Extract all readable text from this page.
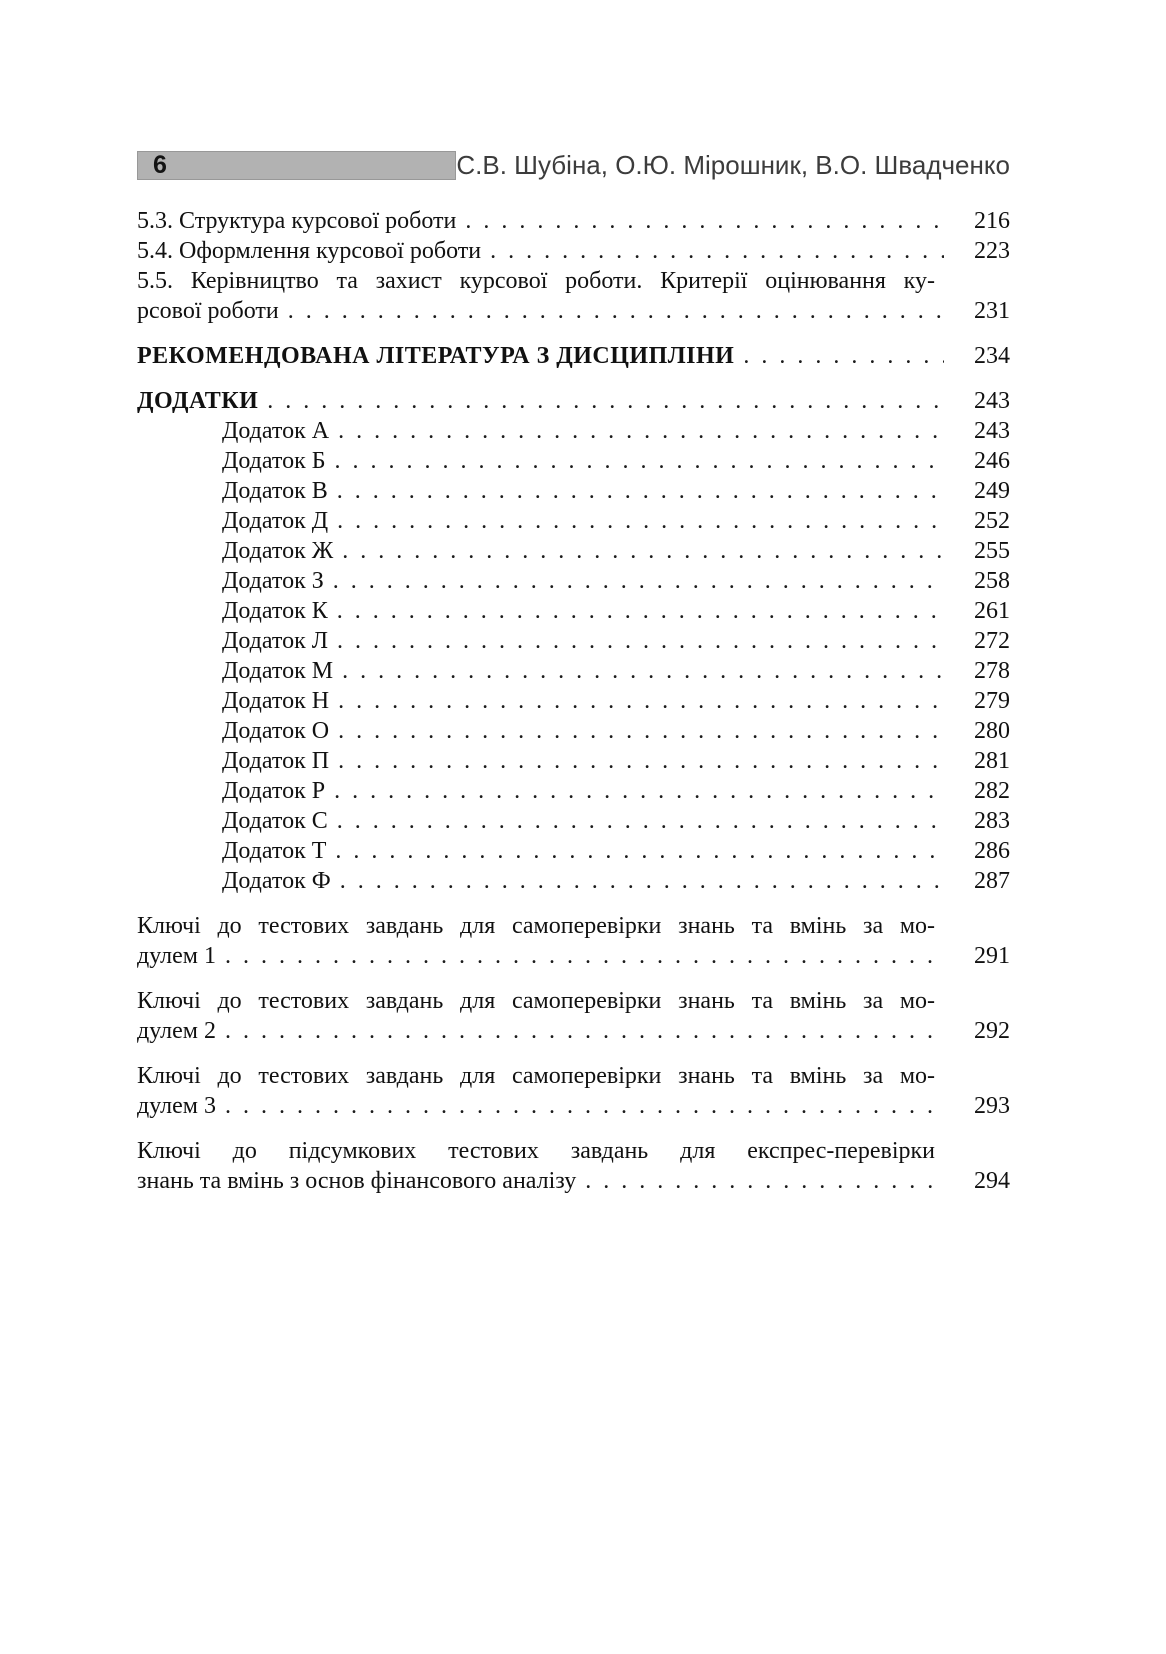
6	С.В. Шубіна, О.Ю. Мірошник, В.О. Швадченко
5.3. Структура курсової роботи . . .	216
5.4. Оформлення курсової роботи . . .	223
5.5. Керівництво та захист курсової роботи. Критерії оцінювання ку-
рсової роботи . . .	231
РЕКОМЕНДОВАНА ЛІТЕРАТУРА З ДИСЦИПЛІНИ . . .	234
ДОДАТКИ . . .	243
Додаток А . . .	243
Додаток Б . . .	246
Додаток В . . .	249
Додаток Д . . .	252
Додаток Ж . . .	255
Додаток З . . .	258
Додаток К . . .	261
Додаток Л . . .	272
Додаток М . . .	278
Додаток Н . . .	279
Додаток О . . .	280
Додаток П . . .	281
Додаток Р . . .	282
Додаток С . . .	283
Додаток Т . . .	286
Додаток Ф . . .	287
Ключі до тестових завдань для самоперевірки знань та вмінь за мо-
дулем 1 . . .	291
Ключі до тестових завдань для самоперевірки знань та вмінь за мо-
дулем 2 . . .	292
Ключі до тестових завдань для самоперевірки знань та вмінь за мо-
дулем 3 . . .	293
Ключі до підсумкових тестових завдань для експрес-перевірки
знань та вмінь з основ фінансового аналізу . . .	294
